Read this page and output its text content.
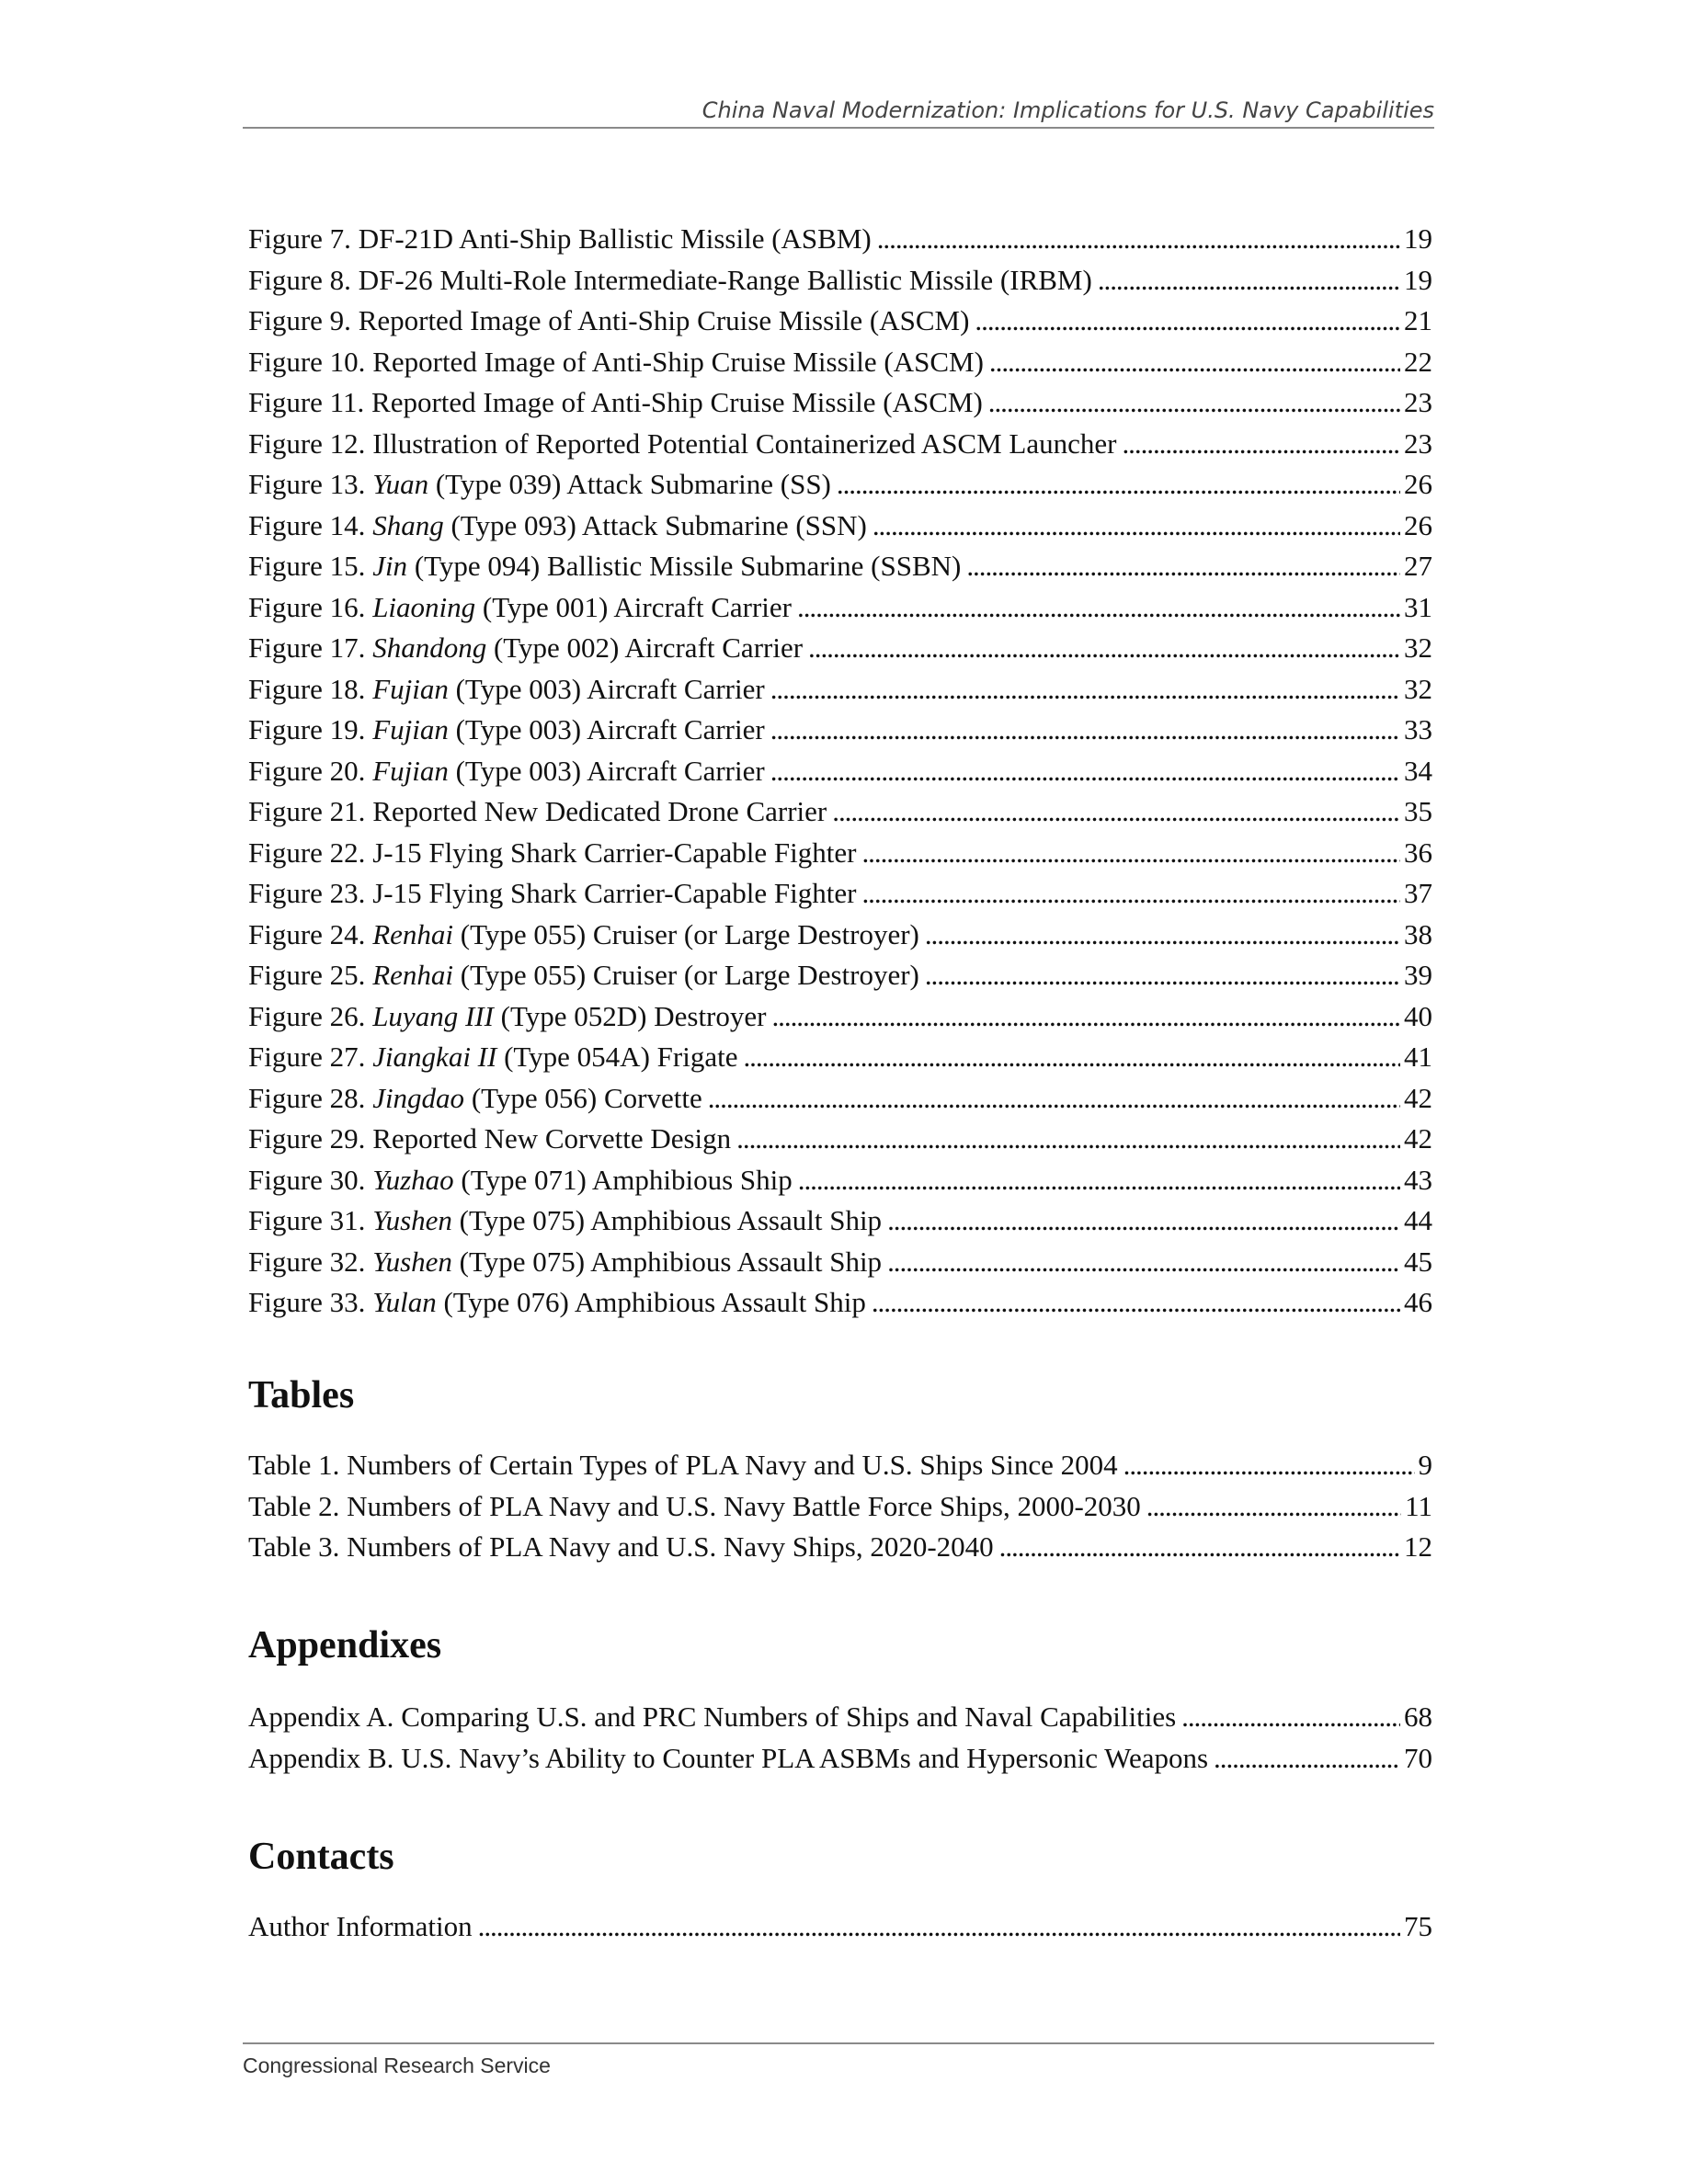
China Naval Modernization: Implications for U.S. Navy Capabilities
Figure 7. DF-21D Anti-Ship Ballistic Missile (ASBM) . . .	19
Figure 8. DF-26 Multi-Role Intermediate-Range Ballistic Missile (IRBM) . . .	19
Figure 9. Reported Image of Anti-Ship Cruise Missile (ASCM) . . .	21
Figure 10. Reported Image of Anti-Ship Cruise Missile (ASCM) . . .	22
Figure 11. Reported Image of Anti-Ship Cruise Missile (ASCM) . . .	23
Figure 12. Illustration of Reported Potential Containerized ASCM Launcher . . .	23
Figure 13. Yuan (Type 039) Attack Submarine (SS) . . .	26
Figure 14. Shang (Type 093) Attack Submarine (SSN) . . .	26
Figure 15. Jin (Type 094) Ballistic Missile Submarine (SSBN) . . .	27
Figure 16. Liaoning (Type 001) Aircraft Carrier . . .	31
Figure 17. Shandong (Type 002) Aircraft Carrier . . .	32
Figure 18. Fujian (Type 003) Aircraft Carrier . . .	32
Figure 19. Fujian (Type 003) Aircraft Carrier . . .	33
Figure 20. Fujian (Type 003) Aircraft Carrier . . .	34
Figure 21. Reported New Dedicated Drone Carrier . . .	35
Figure 22. J-15 Flying Shark Carrier-Capable Fighter . . .	36
Figure 23. J-15 Flying Shark Carrier-Capable Fighter . . .	37
Figure 24. Renhai (Type 055) Cruiser (or Large Destroyer) . . .	38
Figure 25. Renhai (Type 055) Cruiser (or Large Destroyer) . . .	39
Figure 26. Luyang III (Type 052D) Destroyer . . .	40
Figure 27. Jiangkai II (Type 054A) Frigate . . .	41
Figure 28. Jingdao (Type 056) Corvette . . .	42
Figure 29. Reported New Corvette Design . . .	42
Figure 30. Yuzhao (Type 071) Amphibious Ship . . .	43
Figure 31. Yushen (Type 075) Amphibious Assault Ship . . .	44
Figure 32. Yushen (Type 075) Amphibious Assault Ship . . .	45
Figure 33. Yulan (Type 076) Amphibious Assault Ship . . .	46
Tables
Table 1. Numbers of Certain Types of PLA Navy and U.S. Ships Since 2004 . . .	9
Table 2. Numbers of PLA Navy and U.S. Navy Battle Force Ships, 2000-2030 . . .	11
Table 3. Numbers of PLA Navy and U.S. Navy Ships, 2020-2040 . . .	12
Appendixes
Appendix A. Comparing U.S. and PRC Numbers of Ships and Naval Capabilities . . .	68
Appendix B. U.S. Navy’s Ability to Counter PLA ASBMs and Hypersonic Weapons . . .	70
Contacts
Author Information . . .	75
Congressional Research Service
